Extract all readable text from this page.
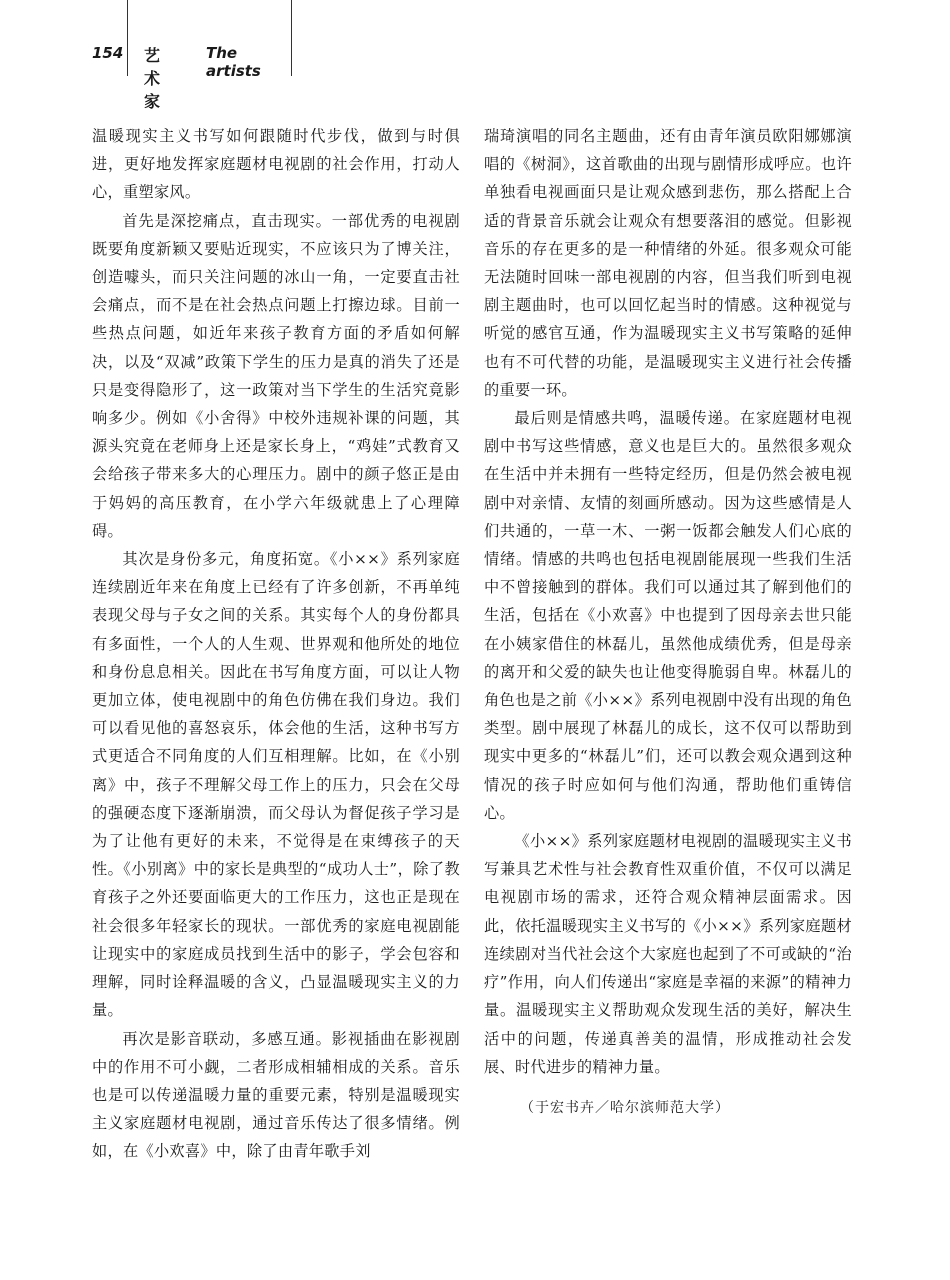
154 艺术家
The artists

温暖现实主义书写如何跟随时代步伐，做到与时俱进，更好地发挥家庭题材电视剧的社会作用，打动人心，重塑家风。

首先是深挖痛点，直击现实。一部优秀的电视剧既要角度新颖又要贴近现实，不应该只为了博关注，创造噱头，而只关注问题的冰山一角，一定要直击社会痛点，而不是在社会热点问题上打擦边球。目前一些热点问题，如近年来孩子教育方面的矛盾如何解决，以及“双减”政策下学生的压力是真的消失了还是只是变得隐形了，这一政策对当下学生的生活究竟影响多少。例如《小舍得》中校外违规补课的问题，其源头究竟在老师身上还是家长身上，“鸡娃”式教育又会给孩子带来多大的心理压力。剧中的颜子悠正是由于妈妈的高压教育，在小学六年级就患上了心理障碍。

其次是身份多元，角度拓宽。《小××》系列家庭连续剧近年来在角度上已经有了许多创新，不再单纯表现父母与子女之间的关系。其实每个人的身份都具有多面性，一个人的人生观、世界观和他所处的地位和身份息息相关。因此在书写角度方面，可以让人物更加立体，使电视剧中的角色仿佛在我们身边。我们可以看见他的喜怒哀乐，体会他的生活，这种书写方式更适合不同角度的人们互相理解。比如，在《小别离》中，孩子不理解父母工作上的压力，只会在父母的强硬态度下逐渐崩溃，而父母认为督促孩子学习是为了让他有更好的未来，不觉得是在束缚孩子的天性。《小别离》中的家长是典型的“成功人士”，除了教育孩子之外还要面临更大的工作压力，这也正是现在社会很多年轻家长的现状。一部优秀的家庭电视剧能让现实中的家庭成员找到生活中的影子，学会包容和理解，同时诠释温暖的含义，凸显温暖现实主义的力量。

再次是影音联动，多感互通。影视插曲在影视剧中的作用不可小觑，二者形成相辅相成的关系。音乐也是可以传递温暖力量的重要元素，特别是温暖现实主义家庭题材电视剧，通过音乐传达了很多情绪。例如，在《小欢喜》中，除了由青年歌手刘

瑞琦演唱的同名主题曲，还有由青年演员欧阳娜娜演唱的《树洞》，这首歌曲的出现与剧情形成呼应。也许单独看电视画面只是让观众感到悲伤，那么搭配上合适的背景音乐就会让观众有想要落泪的感觉。但影视音乐的存在更多的是一种情绪的外延。很多观众可能无法随时回味一部电视剧的内容，但当我们听到电视剧主题曲时，也可以回忆起当时的情感。这种视觉与听觉的感官互通，作为温暖现实主义书写策略的延伸也有不可代替的功能，是温暖现实主义进行社会传播的重要一环。

最后则是情感共鸣，温暖传递。在家庭题材电视剧中书写这些情感，意义也是巨大的。虽然很多观众在生活中并未拥有一些特定经历，但是仍然会被电视剧中对亲情、友情的刻画所感动。因为这些感情是人们共通的，一草一木、一粥一饭都会触发人们心底的情绪。情感的共鸣也包括电视剧能展现一些我们生活中不曾接触到的群体。我们可以通过其了解到他们的生活，包括在《小欢喜》中也提到了因母亲去世只能在小姨家借住的林磊儿，虽然他成绩优秀，但是母亲的离开和父爱的缺失也让他变得脆弱自卑。林磊儿的角色也是之前《小××》系列电视剧中没有出现的角色类型。剧中展现了林磊儿的成长，这不仅可以帮助到现实中更多的“林磊儿”们，还可以教会观众遇到这种情况的孩子时应如何与他们沟通，帮助他们重铸信心。

《小××》系列家庭题材电视剧的温暖现实主义书写兼具艺术性与社会教育性双重价值，不仅可以满足电视剧市场的需求，还符合观众精神层面需求。因此，依托温暖现实主义书写的《小××》系列家庭题材连续剧对当代社会这个大家庭也起到了不可或缺的“治疗”作用，向人们传递出“家庭是幸福的来源”的精神力量。温暖现实主义帮助观众发现生活的美好，解决生活中的问题，传递真善美的温情，形成推动社会发展、时代进步的精神力量。

（于宏书卉／哈尔滨师范大学）
